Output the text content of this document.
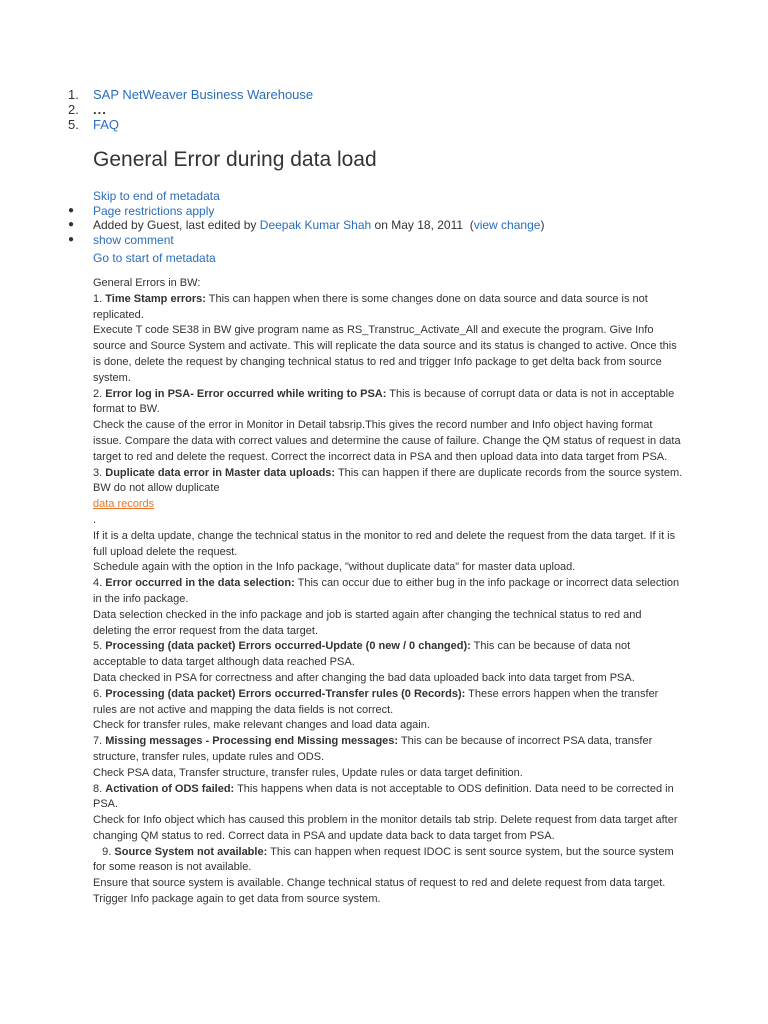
1.	SAP NetWeaver Business Warehouse
2.	...
5.	FAQ
General Error during data load
Skip to end of metadata
●	Page restrictions apply
●	Added by Guest, last edited by Deepak Kumar Shah on May 18, 2011 (view change)
●	show comment
Go to start of metadata

General Errors in BW:

1. Time Stamp errors: This can happen when there is some changes done on data source and data source is not replicated.

Execute T code SE38 in BW give program name as RS_Transtruc_Activate_All and execute the program. Give Info source and Source System and activate. This will replicate the data source and its status is changed to active. Once this is done, delete the request by changing technical status to red and trigger Info package to get delta back from source system.

2. Error log in PSA- Error occurred while writing to PSA: This is because of corrupt data or data is not in acceptable format to BW.

Check the cause of the error in Monitor in Detail tabsrip.This gives the record number and Info object having format issue. Compare the data with correct values and determine the cause of failure. Change the QM status of request in data target to red and delete the request. Correct the incorrect data in PSA and then upload data into data target from PSA.

3. Duplicate data error in Master data uploads: This can happen if there are duplicate records from the source system. BW do not allow duplicate

data records

.

If it is a delta update, change the technical status in the monitor to red and delete the request from the data target. If it is full upload delete the request.

Schedule again with the option in the Info package, "without duplicate data" for master data upload.

4. Error occurred in the data selection: This can occur due to either bug in the info package or incorrect data selection in the info package.

Data selection checked in the info package and job is started again after changing the technical status to red and deleting the error request from the data target.

5. Processing (data packet) Errors occurred-Update (0 new / 0 changed): This can be because of data not acceptable to data target although data reached PSA.

Data checked in PSA for correctness and after changing the bad data uploaded back into data target from PSA.

6. Processing (data packet) Errors occurred-Transfer rules (0 Records): These errors happen when the transfer rules are not active and mapping the data fields is not correct.

Check for transfer rules, make relevant changes and load data again.

7. Missing messages - Processing end Missing messages: This can be because of incorrect PSA data, transfer structure, transfer rules, update rules and ODS.

Check PSA data, Transfer structure, transfer rules, Update rules or data target definition.

8. Activation of ODS failed: This happens when data is not acceptable to ODS definition. Data need to be corrected in PSA.

Check for Info object which has caused this problem in the monitor details tab strip. Delete request from data target after changing QM status to red. Correct data in PSA and update data back to data target from PSA.

9. Source System not available: This can happen when request IDOC is sent source system, but the source system for some reason is not available.

Ensure that source system is available. Change technical status of request to red and delete request from data target.

Trigger Info package again to get data from source system.
